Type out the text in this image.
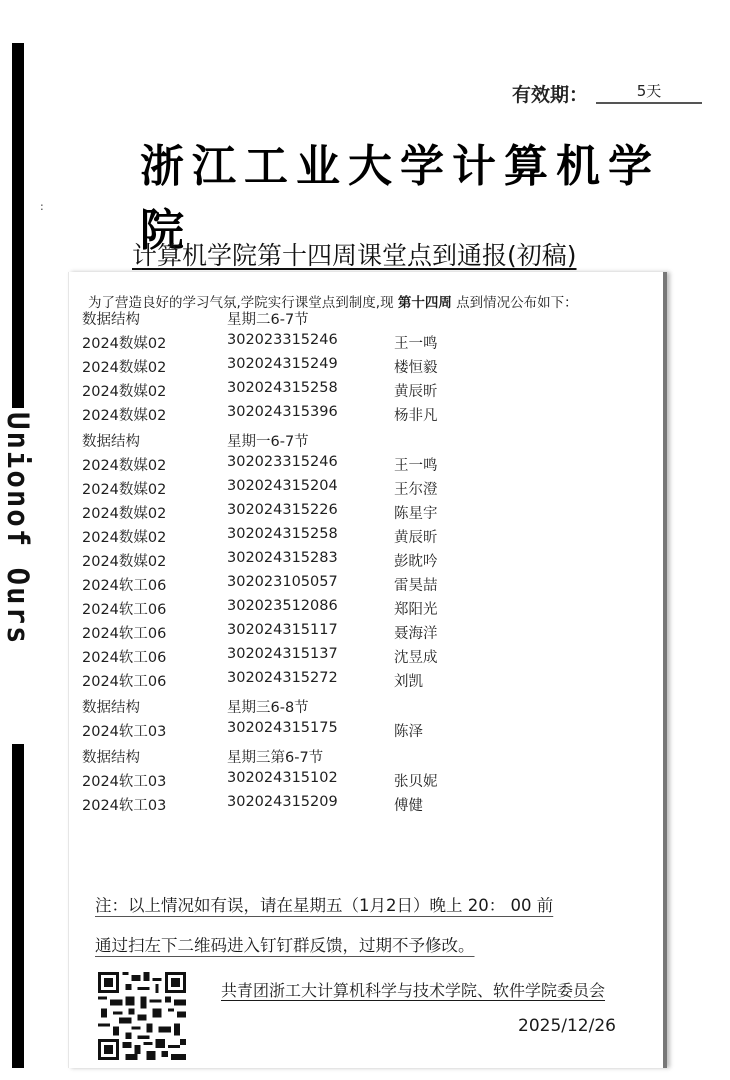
Unionof Ours
:
有效期：	5天
浙江工业大学计算机学院
计算机学院第十四周课堂点到通报(初稿)
为了营造良好的学习气氛,学院实行课堂点到制度,现 第十四周 点到情况公布如下：
数据结构	星期二6-7节
2024数媒02	302023315246	王一鸣
2024数媒02	302024315249	楼恒毅
2024数媒02	302024315258	黄辰昕
2024数媒02	302024315396	杨非凡
数据结构	星期一6-7节
2024数媒02	302023315246	王一鸣
2024数媒02	302024315204	王尔澄
2024数媒02	302024315226	陈星宇
2024数媒02	302024315258	黄辰昕
2024数媒02	302024315283	彭眈吟
2024软工06	302023105057	雷昊喆
2024软工06	302023512086	郑阳光
2024软工06	302024315117	聂海洋
2024软工06	302024315137	沈昱成
2024软工06	302024315272	刘凯
数据结构	星期三6-8节
2024软工03	302024315175	陈泽
数据结构	星期三第6-7节
2024软工03	302024315102	张贝妮
2024软工03	302024315209	傅健
注：以上情况如有误，请在星期五（1月2日）晚上 20： 00 前
通过扫左下二维码进入钉钉群反馈，过期不予修改。
共青团浙工大计算机科学与技术学院、软件学院委员会
2025/12/26
